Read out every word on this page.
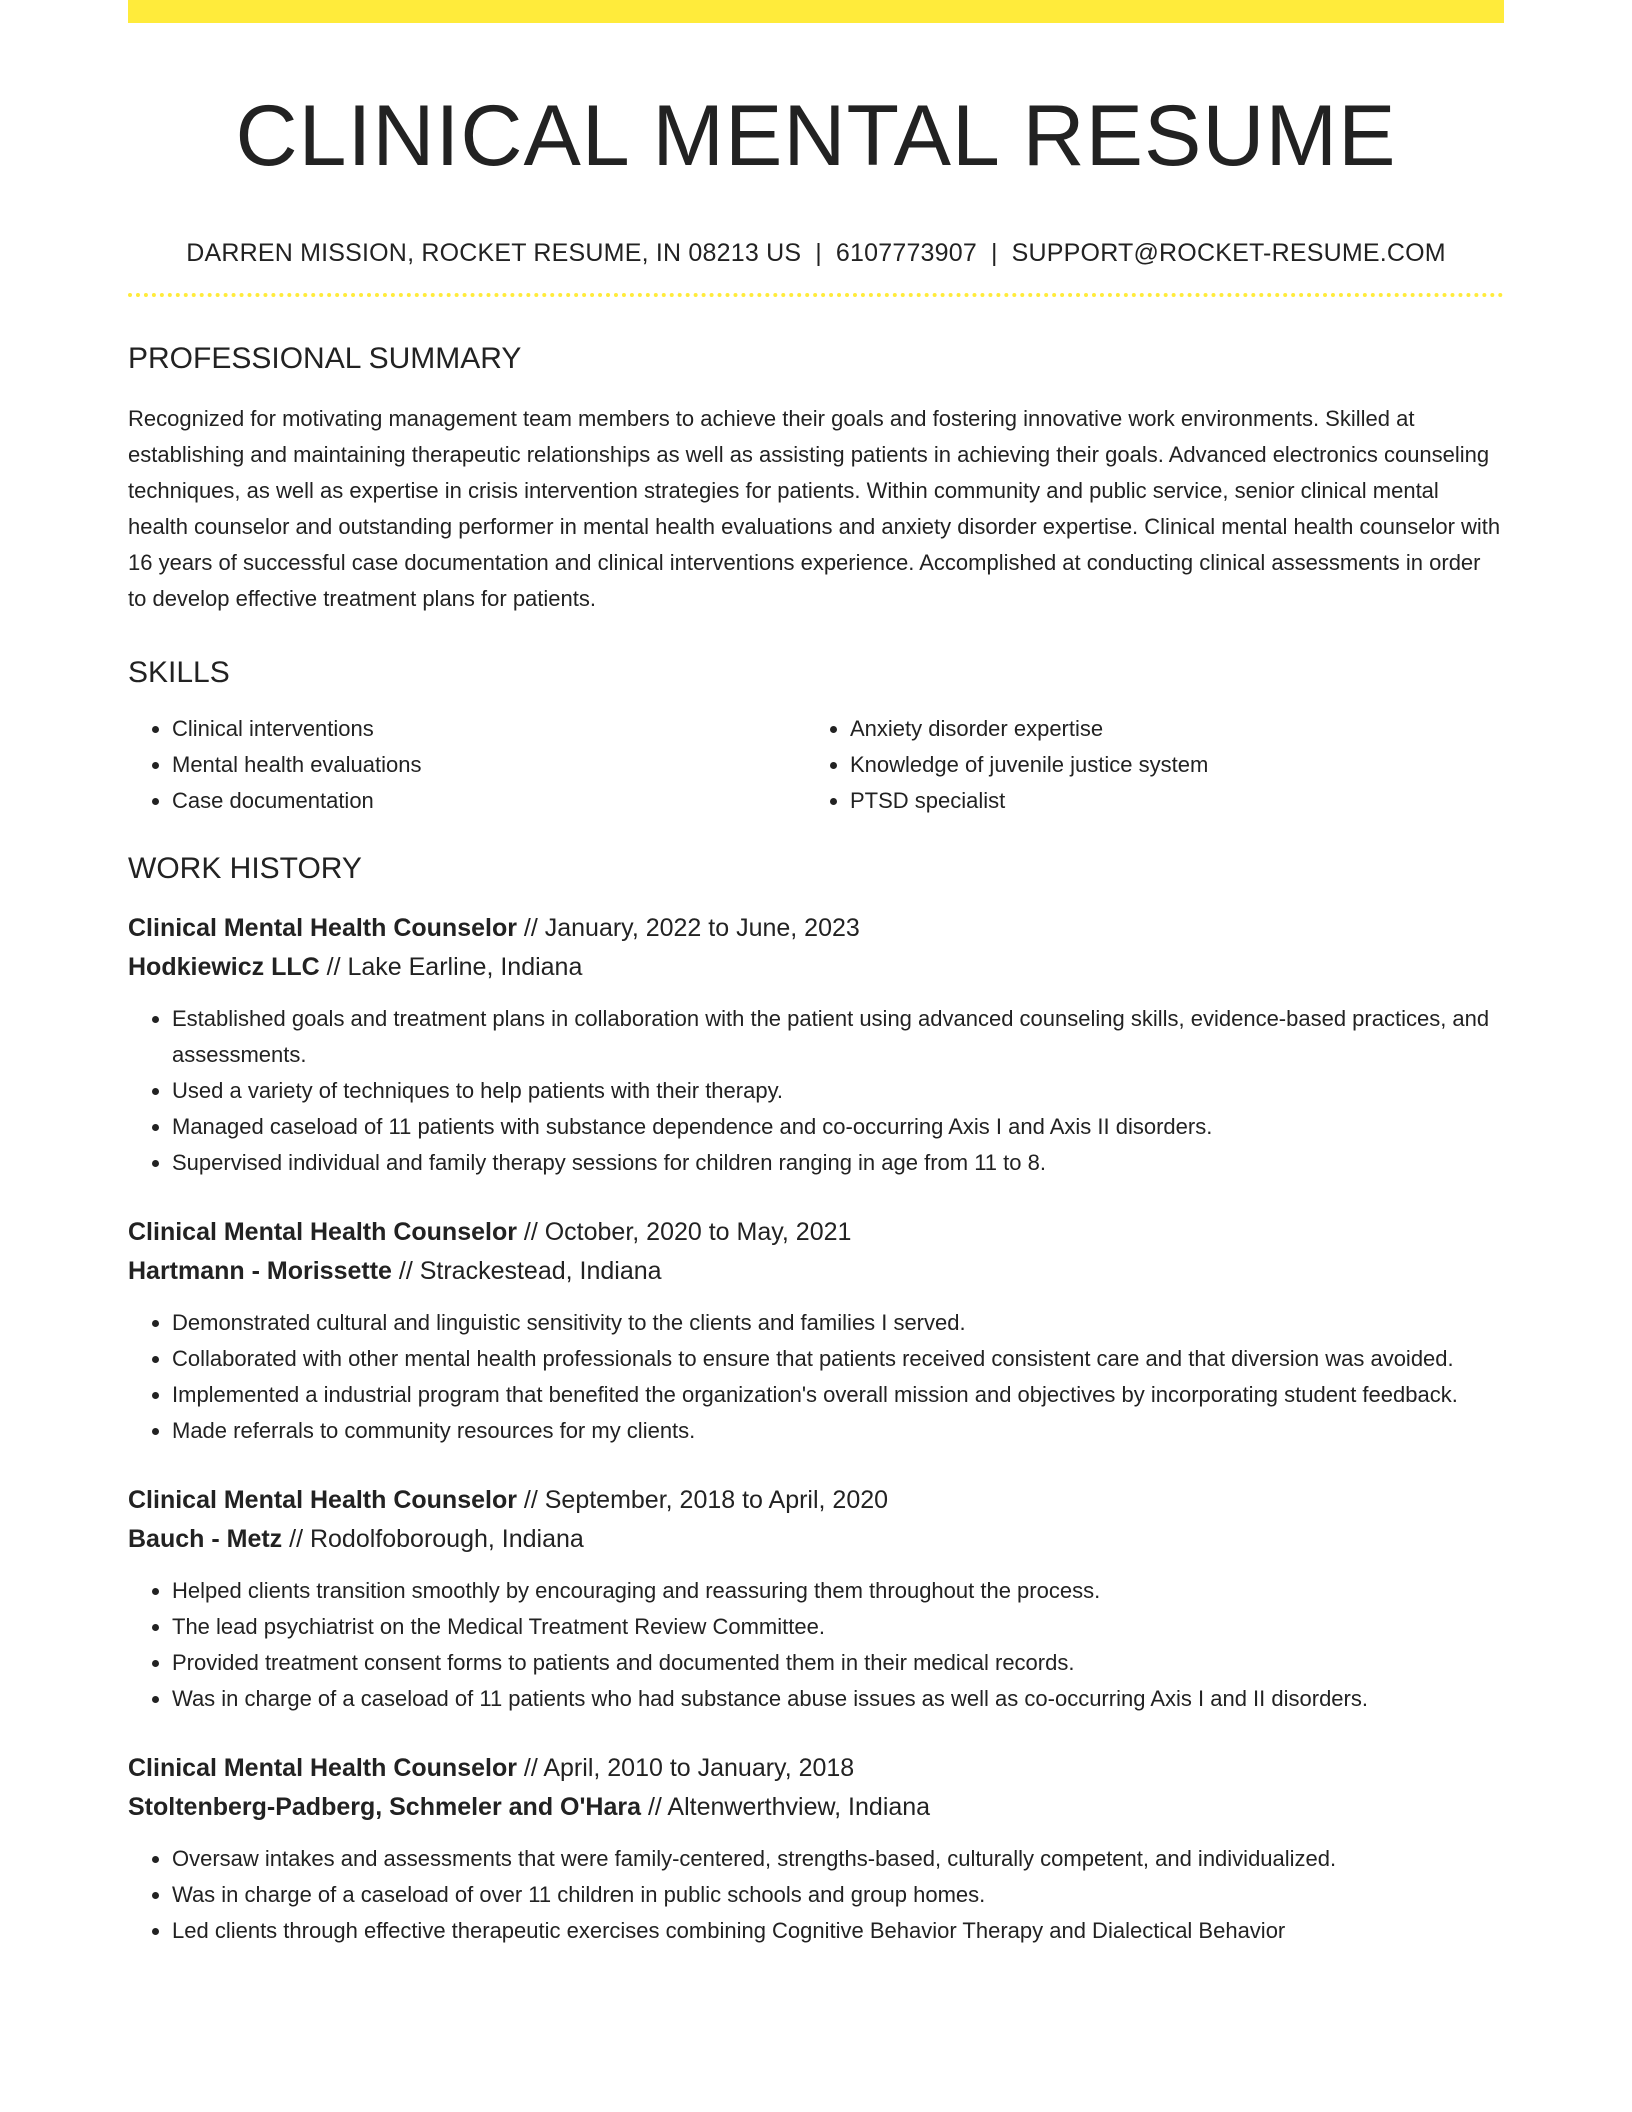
CLINICAL MENTAL RESUME
DARREN MISSION, ROCKET RESUME, IN 08213 US | 6107773907 | SUPPORT@ROCKET-RESUME.COM
PROFESSIONAL SUMMARY
Recognized for motivating management team members to achieve their goals and fostering innovative work environments. Skilled at establishing and maintaining therapeutic relationships as well as assisting patients in achieving their goals. Advanced electronics counseling techniques, as well as expertise in crisis intervention strategies for patients. Within community and public service, senior clinical mental health counselor and outstanding performer in mental health evaluations and anxiety disorder expertise. Clinical mental health counselor with 16 years of successful case documentation and clinical interventions experience. Accomplished at conducting clinical assessments in order to develop effective treatment plans for patients.
SKILLS
• Clinical interventions
• Mental health evaluations
• Case documentation
• Anxiety disorder expertise
• Knowledge of juvenile justice system
• PTSD specialist
WORK HISTORY
Clinical Mental Health Counselor // January, 2022 to June, 2023
Hodkiewicz LLC // Lake Earline, Indiana
• Established goals and treatment plans in collaboration with the patient using advanced counseling skills, evidence-based practices, and assessments.
• Used a variety of techniques to help patients with their therapy.
• Managed caseload of 11 patients with substance dependence and co-occurring Axis I and Axis II disorders.
• Supervised individual and family therapy sessions for children ranging in age from 11 to 8.
Clinical Mental Health Counselor // October, 2020 to May, 2021
Hartmann - Morissette // Strackestead, Indiana
• Demonstrated cultural and linguistic sensitivity to the clients and families I served.
• Collaborated with other mental health professionals to ensure that patients received consistent care and that diversion was avoided.
• Implemented a industrial program that benefited the organization's overall mission and objectives by incorporating student feedback.
• Made referrals to community resources for my clients.
Clinical Mental Health Counselor // September, 2018 to April, 2020
Bauch - Metz // Rodolfoborough, Indiana
• Helped clients transition smoothly by encouraging and reassuring them throughout the process.
• The lead psychiatrist on the Medical Treatment Review Committee.
• Provided treatment consent forms to patients and documented them in their medical records.
• Was in charge of a caseload of 11 patients who had substance abuse issues as well as co-occurring Axis I and II disorders.
Clinical Mental Health Counselor // April, 2010 to January, 2018
Stoltenberg-Padberg, Schmeler and O'Hara // Altenwerthview, Indiana
• Oversaw intakes and assessments that were family-centered, strengths-based, culturally competent, and individualized.
• Was in charge of a caseload of over 11 children in public schools and group homes.
• Led clients through effective therapeutic exercises combining Cognitive Behavior Therapy and Dialectical Behavior
